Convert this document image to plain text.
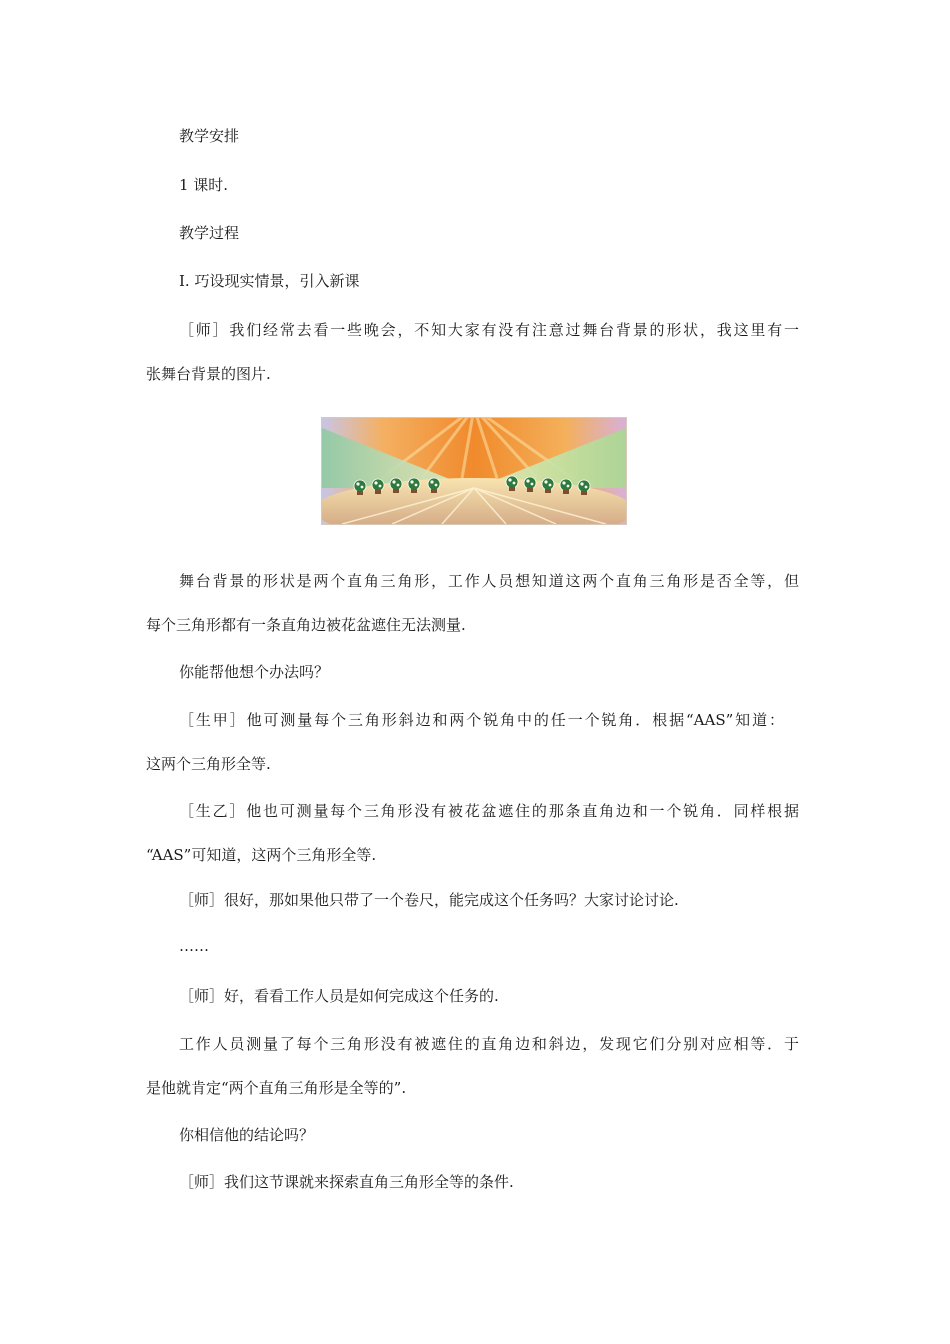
教学安排
1 课时.
教学过程
Ⅰ. 巧设现实情景，引入新课
［师］我们经常去看一些晚会，不知大家有没有注意过舞台背景的形状，我这里有一
张舞台背景的图片.
舞台背景的形状是两个直角三角形，工作人员想知道这两个直角三角形是否全等，但
每个三角形都有一条直角边被花盆遮住无法测量.
你能帮他想个办法吗？
［生甲］他可测量每个三角形斜边和两个锐角中的任一个锐角．根据“AAS”知道：
这两个三角形全等.
［生乙］他也可测量每个三角形没有被花盆遮住的那条直角边和一个锐角．同样根据
“AAS”可知道，这两个三角形全等.
［师］很好，那如果他只带了一个卷尺，能完成这个任务吗？大家讨论讨论.
……
［师］好，看看工作人员是如何完成这个任务的.
工作人员测量了每个三角形没有被遮住的直角边和斜边，发现它们分别对应相等．于
是他就肯定“两个直角三角形是全等的”.
你相信他的结论吗？
［师］我们这节课就来探索直角三角形全等的条件.
